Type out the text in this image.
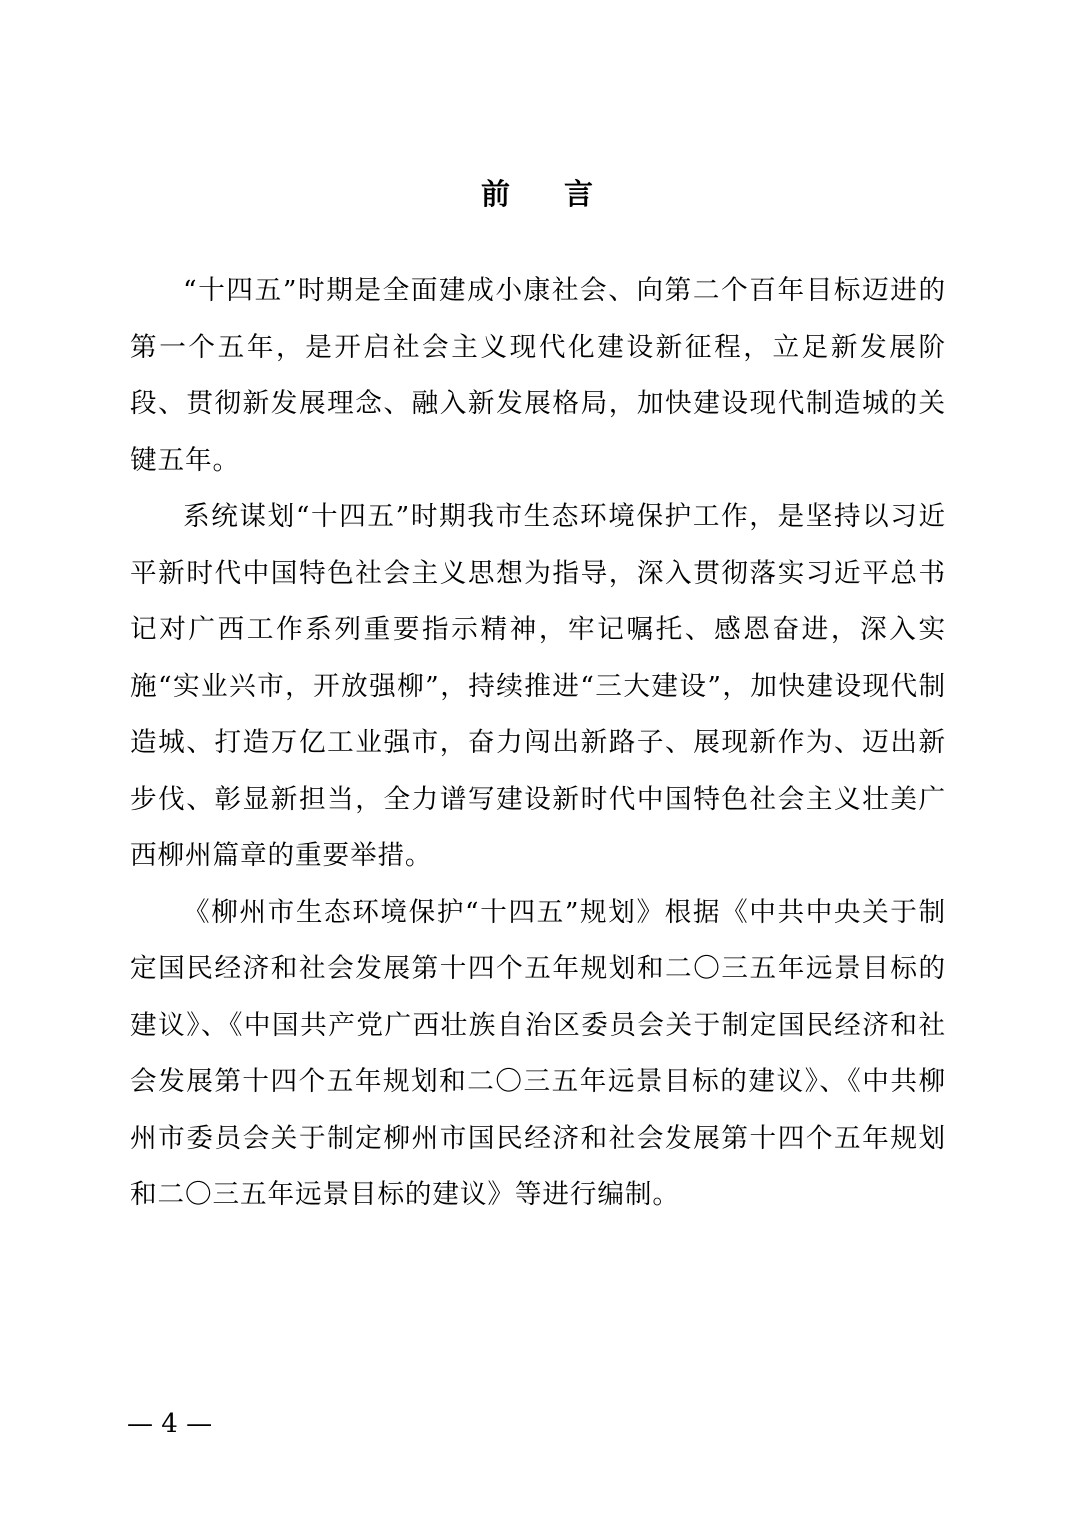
前 言

“十四五”时期是全面建成小康社会、向第二个百年目标迈进的第一个五年，是开启社会主义现代化建设新征程，立足新发展阶段、贯彻新发展理念、融入新发展格局，加快建设现代制造城的关键五年。

系统谋划“十四五”时期我市生态环境保护工作，是坚持以习近平新时代中国特色社会主义思想为指导，深入贯彻落实习近平总书记对广西工作系列重要指示精神，牢记嘱托、感恩奋进，深入实施“实业兴市，开放强柳”，持续推进“三大建设”，加快建设现代制造城、打造万亿工业强市，奋力闯出新路子、展现新作为、迈出新步伐、彰显新担当，全力谱写建设新时代中国特色社会主义壮美广西柳州篇章的重要举措。

《柳州市生态环境保护“十四五”规划》根据《中共中央关于制定国民经济和社会发展第十四个五年规划和二〇三五年远景目标的建议》、《中国共产党广西壮族自治区委员会关于制定国民经济和社会发展第十四个五年规划和二〇三五年远景目标的建议》、《中共柳州市委员会关于制定柳州市国民经济和社会发展第十四个五年规划和二〇三五年远景目标的建议》等进行编制。

— 4 —
